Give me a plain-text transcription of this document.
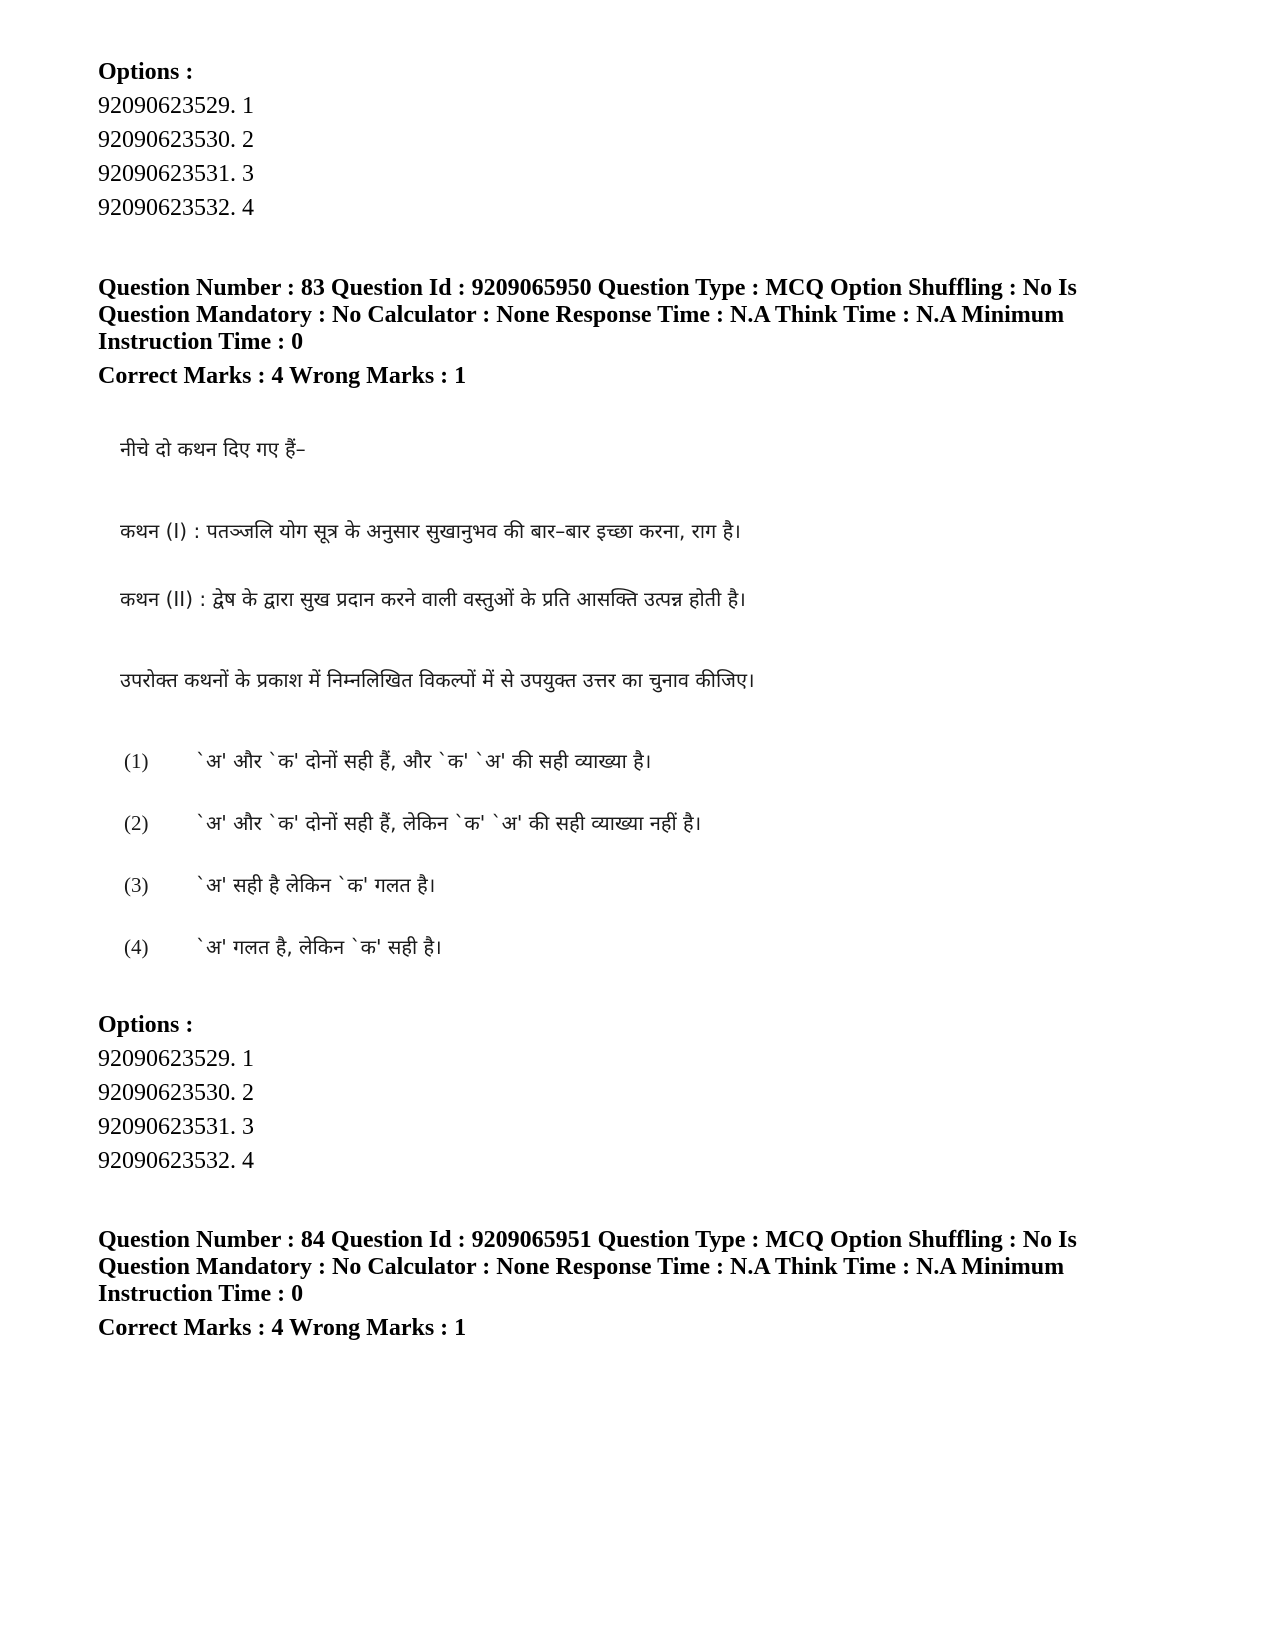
Options :
92090623529. 1
92090623530. 2
92090623531. 3
92090623532. 4
Question Number : 83 Question Id : 9209065950 Question Type : MCQ Option Shuffling : No Is
Question Mandatory : No Calculator : None Response Time : N.A Think Time : N.A Minimum
Instruction Time : 0
Correct Marks : 4 Wrong Marks : 1
नीचे दो कथन दिए गए हैं–
कथन (I) : पतञ्जलि योग सूत्र के अनुसार सुखानुभव की बार–बार इच्छा करना, राग है।
कथन (II) : द्वेष के द्वारा सुख प्रदान करने वाली वस्तुओं के प्रति आसक्ति उत्पन्न होती है।
उपरोक्त कथनों के प्रकाश में निम्नलिखित विकल्पों में से उपयुक्त उत्तर का चुनाव कीजिए।
(1) `अ' और `क' दोनों सही हैं, और `क' `अ' की सही व्याख्या है।
(2) `अ' और `क' दोनों सही हैं, लेकिन `क' `अ' की सही व्याख्या नहीं है।
(3) `अ' सही है लेकिन `क' गलत है।
(4) `अ' गलत है, लेकिन `क' सही है।
Options :
92090623529. 1
92090623530. 2
92090623531. 3
92090623532. 4
Question Number : 84 Question Id : 9209065951 Question Type : MCQ Option Shuffling : No Is
Question Mandatory : No Calculator : None Response Time : N.A Think Time : N.A Minimum
Instruction Time : 0
Correct Marks : 4 Wrong Marks : 1
